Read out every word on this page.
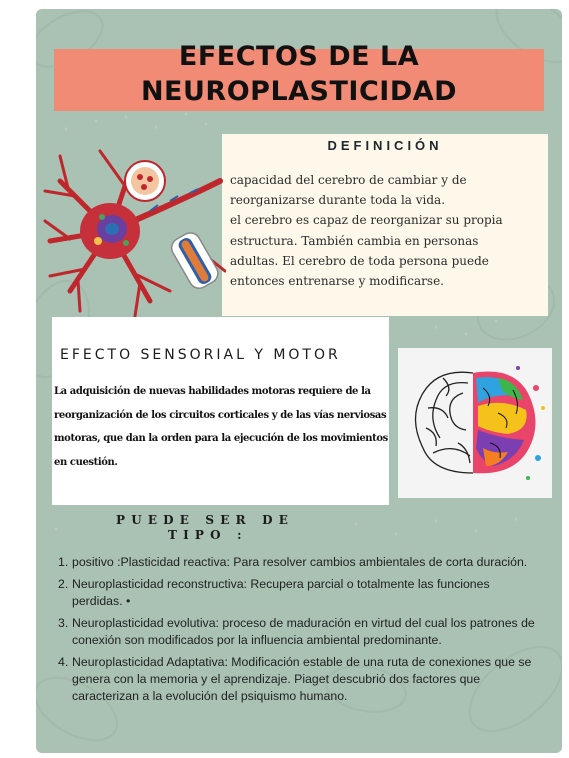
EFECTOS DE LA
NEUROPLASTICIDAD
DEFINICIÓN
capacidad del cerebro de cambiar y de
reorganizarse durante toda la vida.
el cerebro es capaz de reorganizar su propia
estructura. También cambia en personas
adultas. El cerebro de toda persona puede
entonces entrenarse y modificarse.
EFECTO SENSORIAL Y MOTOR
La adquisición de nuevas habilidades motoras requiere de la
reorganización de los circuitos corticales y de las vías nerviosas
motoras, que dan la orden para la ejecución de los movimientos
en cuestión.
P U E D E   S E R   D E
T I P O   :
1. positivo :Plasticidad reactiva: Para resolver cambios ambientales de corta duración.
2. Neuroplasticidad reconstructiva: Recupera parcial o totalmente las funciones perdidas. •
3. Neuroplasticidad evolutiva: proceso de maduración en virtud del cual los patrones de conexión son modificados por la influencia ambiental predominante.
4. Neuroplasticidad Adaptativa: Modificación estable de una ruta de conexiones que se genera con la memoria y el aprendizaje. Piaget descubrió dos factores que caracterizan a la evolución del psiquismo humano.
